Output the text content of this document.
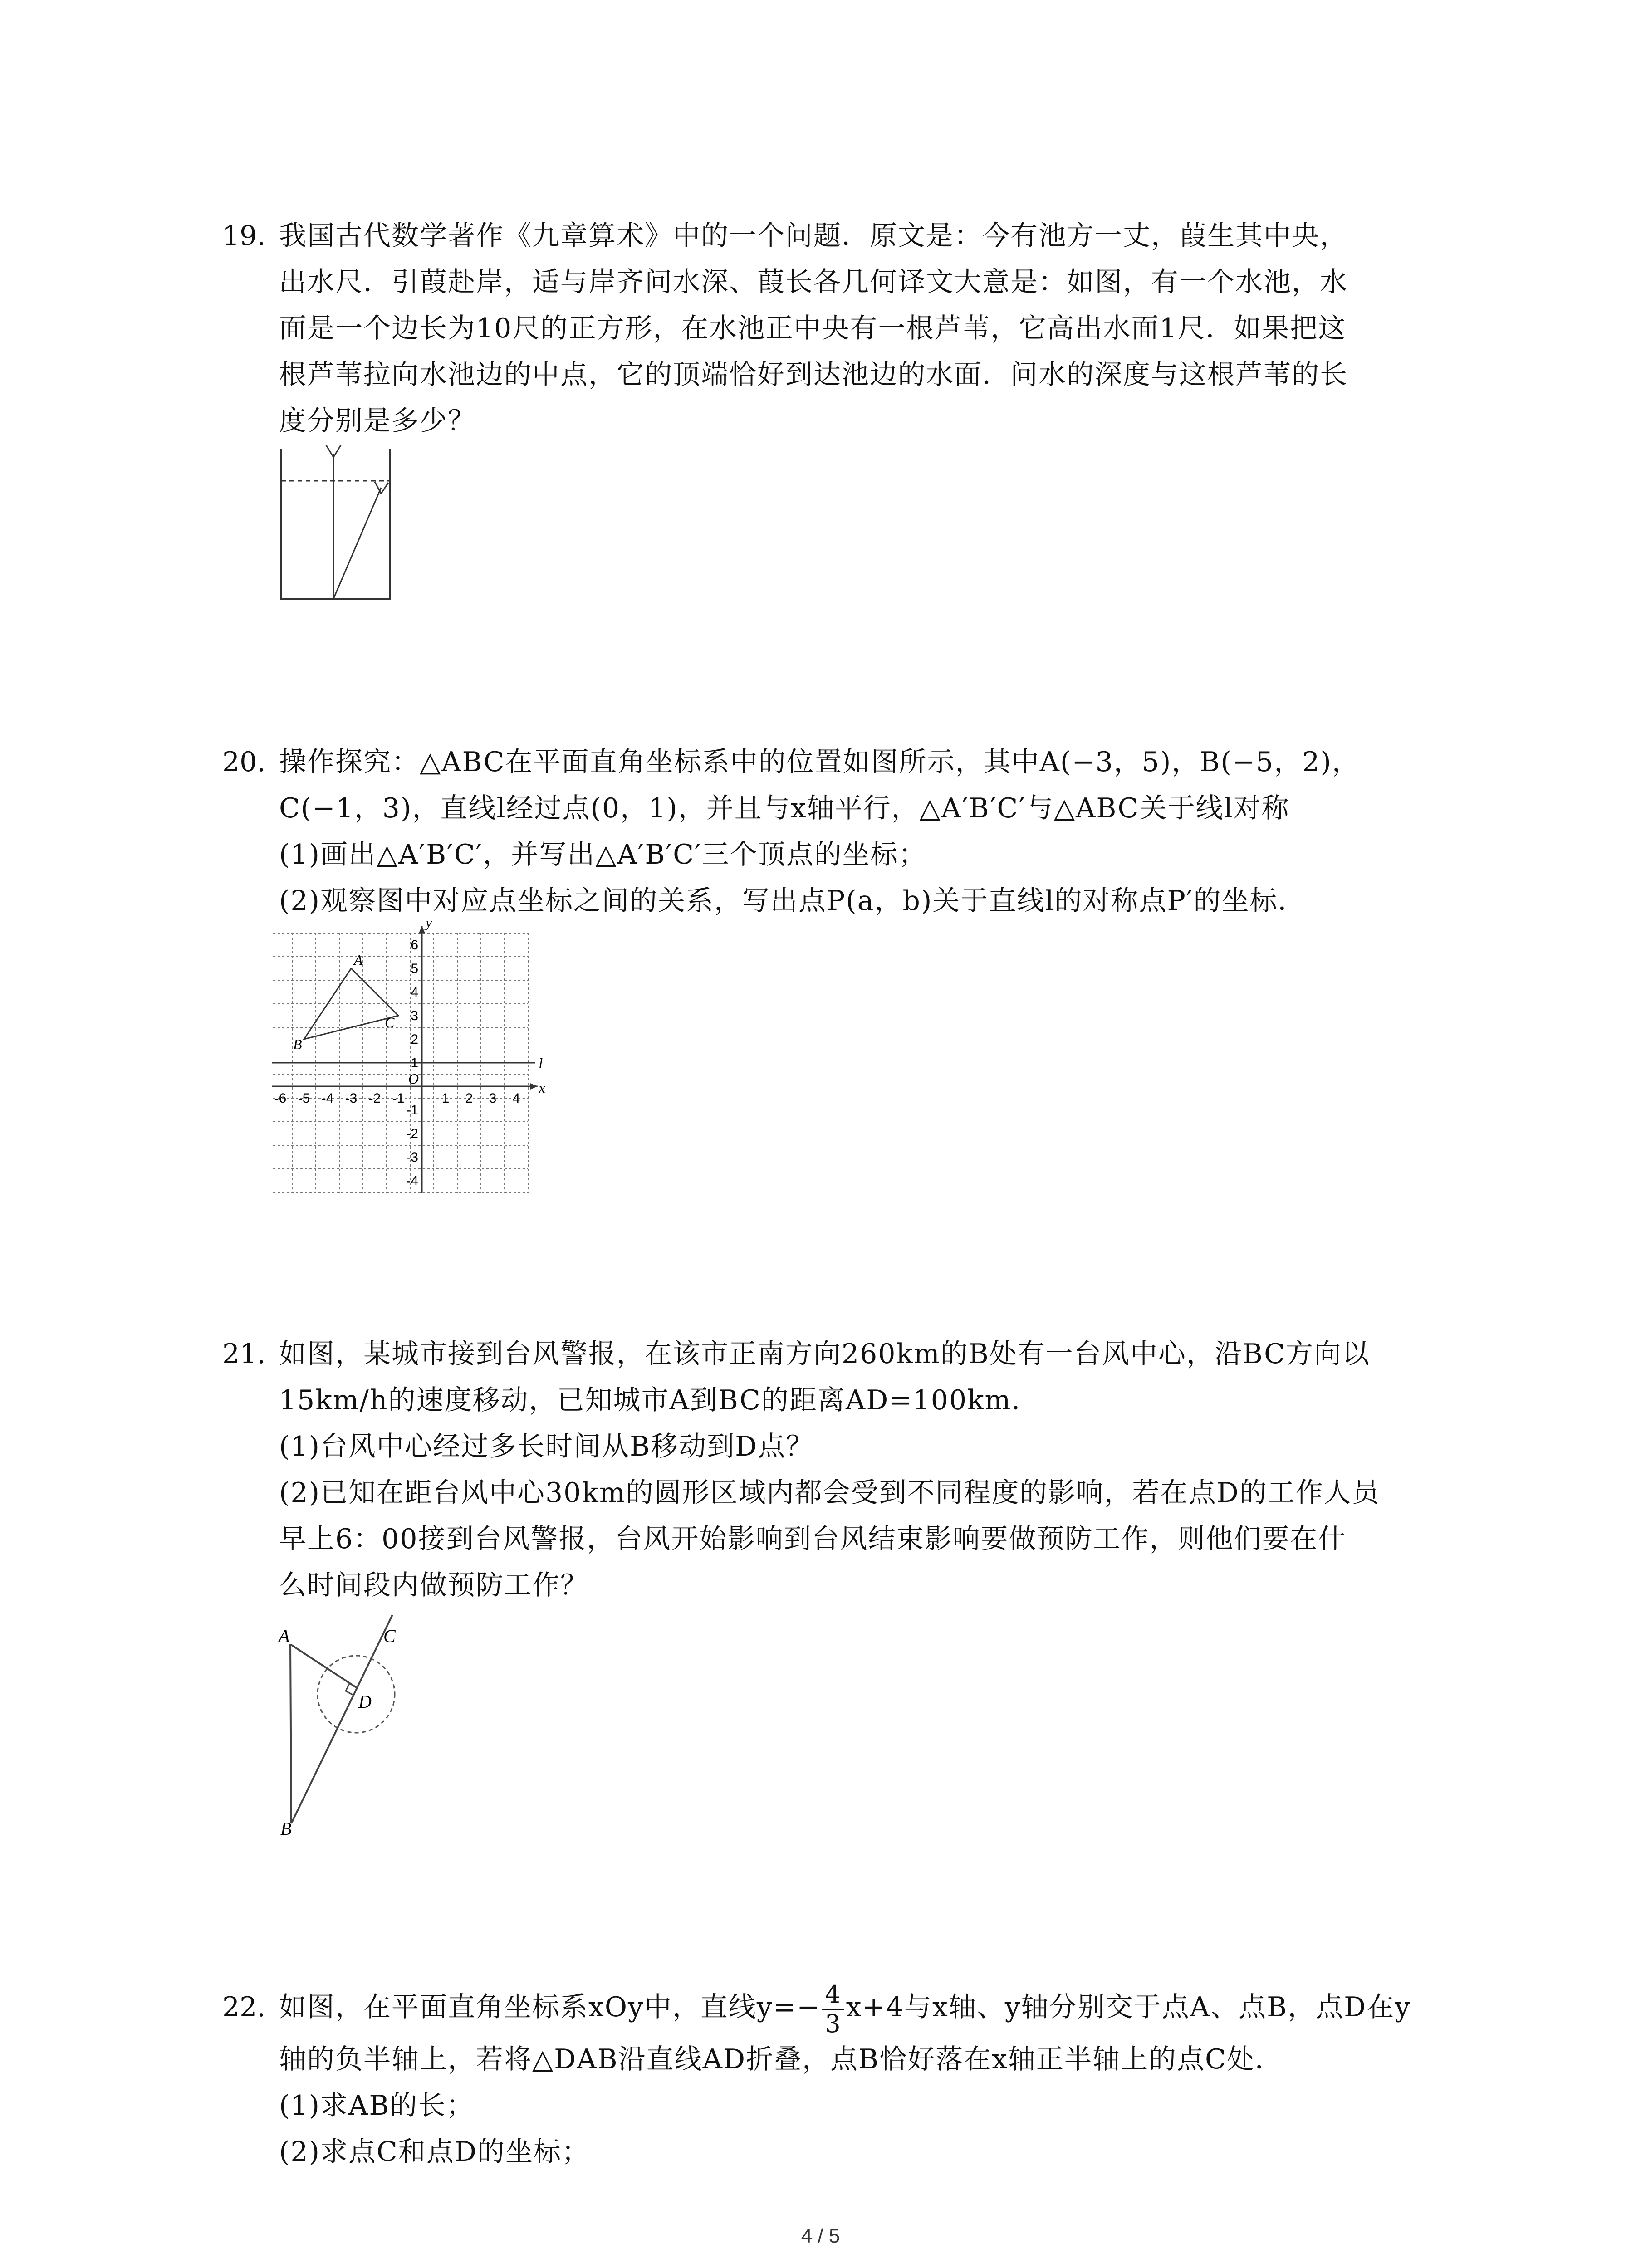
19. 我国古代数学著作《九章算术》中的一个问题．原文是：今有池方一丈，葭生其中央，
出水尺．引葭赴岸，适与岸齐问水深、葭长各几何译文大意是：如图，有一个水池，水
面是一个边长为10尺的正方形，在水池正中央有一根芦苇，它高出水面1尺．如果把这
根芦苇拉向水池边的中点，它的顶端恰好到达池边的水面．问水的深度与这根芦苇的长
度分别是多少？
20. 操作探究：△ABC在平面直角坐标系中的位置如图所示，其中A(−3，5)，B(−5，2)，
C(−1，3)，直线l经过点(0，1)，并且与x轴平行，△A′B′C′与△ABC关于线l对称
(1)画出△A′B′C′，并写出△A′B′C′三个顶点的坐标；
(2)观察图中对应点坐标之间的关系，写出点P(a，b)关于直线l的对称点P′的坐标．
l
x
y
O
-6 -5 -4 -3 -2 -1	1 2 3 4
6
5
4
3
2
1
-1
-2
-3
-4
A
B
C
21. 如图，某城市接到台风警报，在该市正南方向260km的B处有一台风中心，沿BC方向以
15km/h的速度移动，已知城市A到BC的距离AD=100km．
(1)台风中心经过多长时间从B移动到D点？
(2)已知在距台风中心30km的圆形区域内都会受到不同程度的影响，若在点D的工作人员
早上6：00接到台风警报，台风开始影响到台风结束影响要做预防工作，则他们要在什
么时间段内做预防工作？
A
B
C
D
22. 如图，在平面直角坐标系xOy中，直线$y=- \frac{4}{3} x+4$与x轴、y轴分别交于点A、点B，点D在y
轴的负半轴上，若将△DAB沿直线AD折叠，点B恰好落在x轴正半轴上的点C处．
(1)求AB的长；
(2)求点C和点D的坐标；
4 / 5
